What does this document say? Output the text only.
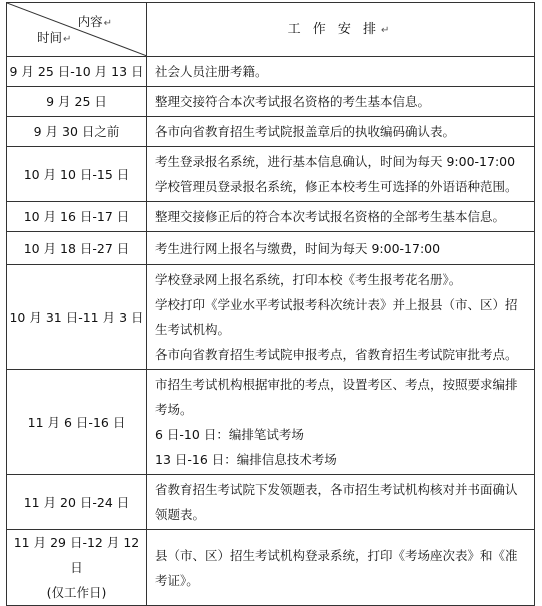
内容↵
时间↵	工 作 安 排↵

9 月 25 日-10 月 13 日	社会人员注册考籍。

9 月 25 日	整理交接符合本次考试报名资格的考生基本信息。

9 月 30 日之前	各市向省教育招生考试院报盖章后的执收编码确认表。

10 月 10 日-15 日	考生登录报名系统，进行基本信息确认，时间为每天 9:00-17:00
学校管理员登录报名系统，修正本校考生可选择的外语语种范围。

10 月 16 日-17 日	整理交接修正后的符合本次考试报名资格的全部考生基本信息。

10 月 18 日-27 日	考生进行网上报名与缴费，时间为每天 9:00-17:00

10 月 31 日-11 月 3 日	学校登录网上报名系统，打印本校《考生报考花名册》。
学校打印《学业水平考试报考科次统计表》并上报县（市、区）招
生考试机构。
各市向省教育招生考试院申报考点，省教育招生考试院审批考点。

11 月 6 日-16 日	市招生考试机构根据审批的考点，设置考区、考点，按照要求编排
考场。
6 日-10 日：编排笔试考场
13 日-16 日：编排信息技术考场

11 月 20 日-24 日	省教育招生考试院下发领题表，各市招生考试机构核对并书面确认
领题表。

11 月 29 日-12 月 12 日
(仅工作日)	县（市、区）招生考试机构登录系统，打印《考场座次表》和《准
考证》。
